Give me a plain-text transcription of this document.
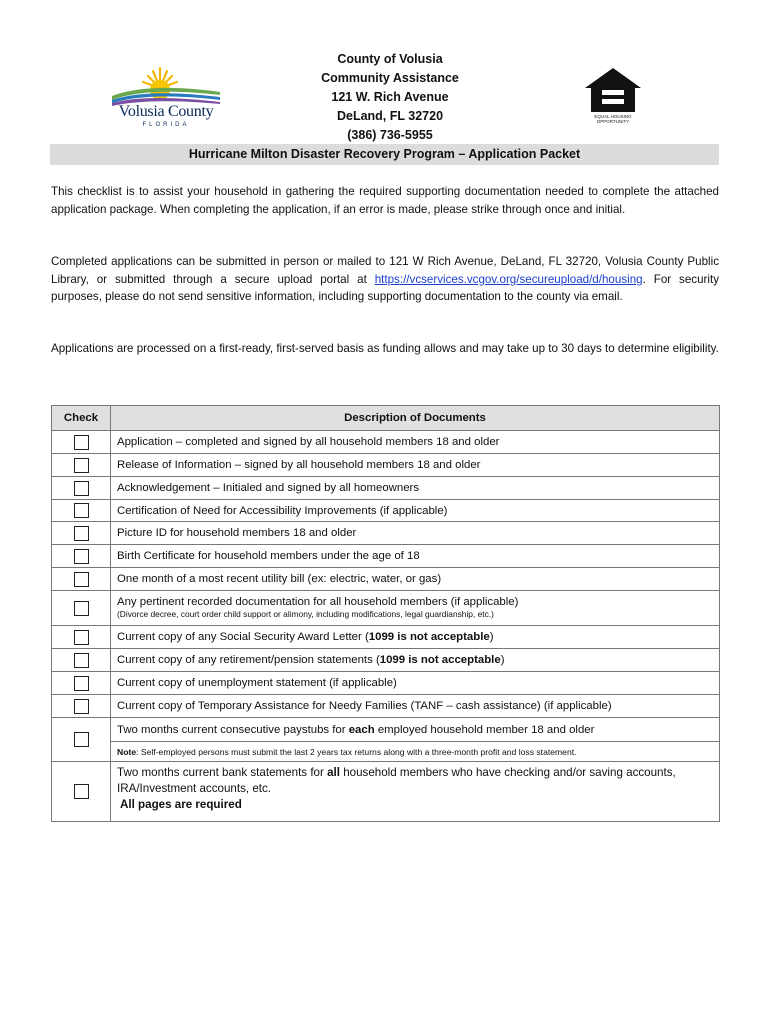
Volusia County
FLORIDA
County of Volusia
Community Assistance
121 W. Rich Avenue
DeLand, FL 32720
(386) 736-5955
EQUAL HOUSING
OPPORTUNITY
Hurricane Milton Disaster Recovery Program – Application Packet
This checklist is to assist your household in gathering the required supporting documentation needed to complete the attached application package. When completing the application, if an error is made, please strike through once and initial.
Completed applications can be submitted in person or mailed to 121 W Rich Avenue, DeLand, FL 32720, Volusia County Public Library, or submitted through a secure upload portal at https://vcservices.vcgov.org/secureupload/d/housing. For security purposes, please do not send sensitive information, including supporting documentation to the county via email.
Applications are processed on a first-ready, first-served basis as funding allows and may take up to 30 days to determine eligibility.
Check	Description of Documents
	Application – completed and signed by all household members 18 and older
	Release of Information – signed by all household members 18 and older
	Acknowledgement – Initialed and signed by all homeowners
	Certification of Need for Accessibility Improvements (if applicable)
	Picture ID for household members 18 and older
	Birth Certificate for household members under the age of 18
	One month of a most recent utility bill (ex: electric, water, or gas)
	Any pertinent recorded documentation for all household members (if applicable)
(Divorce decree, court order child support or alimony, including modifications, legal guardianship, etc.)

	Current copy of any Social Security Award Letter (1099 is not acceptable)
	Current copy of any retirement/pension statements (1099 is not acceptable)
	Current copy of unemployment statement (if applicable)
	Current copy of Temporary Assistance for Needy Families (TANF – cash assistance) (if applicable)
	Two months current consecutive paystubs for each employed household member 18 and older
	Note: Self-employed persons must submit the last 2 years tax returns along with a three-month profit and loss statement.
	Two months current bank statements for all household members who have checking and/or saving accounts, IRA/Investment accounts, etc.
All pages are required
